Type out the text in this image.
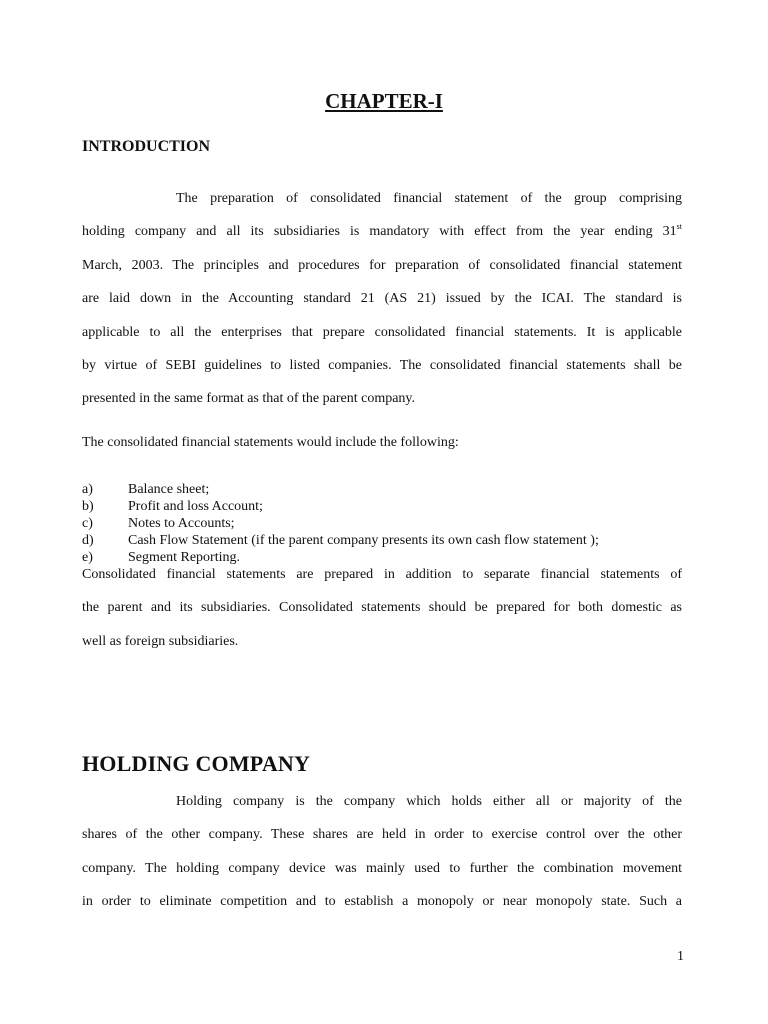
CHAPTER-I
INTRODUCTION
The preparation of consolidated financial statement of the group comprising
holding company and all its subsidiaries is mandatory with effect from the year ending 31st
March, 2003. The principles and procedures for preparation of consolidated financial statement
are laid down in the Accounting standard 21 (AS 21) issued by the ICAI. The standard is
applicable to all the enterprises that prepare consolidated financial statements. It is applicable
by virtue of SEBI guidelines to listed companies. The consolidated financial statements shall be
presented in the same format as that of the parent company.
The consolidated financial statements would include the following:
a)	Balance sheet;
b) Profit and loss Account;
c)	Notes to Accounts;
d) Cash Flow Statement (if the parent company presents its own cash flow statement );
e)	Segment Reporting.
Consolidated financial statements are prepared in addition to separate financial statements of
the parent and its subsidiaries. Consolidated statements should be prepared for both domestic as
well as foreign subsidiaries.
HOLDING COMPANY
Holding company is the company which holds either all or majority of the
shares of the other company. These shares are held in order to exercise control over the other
company. The holding company device was mainly used to further the combination movement
in order to eliminate competition and to establish a monopoly or near monopoly state. Such a
1
